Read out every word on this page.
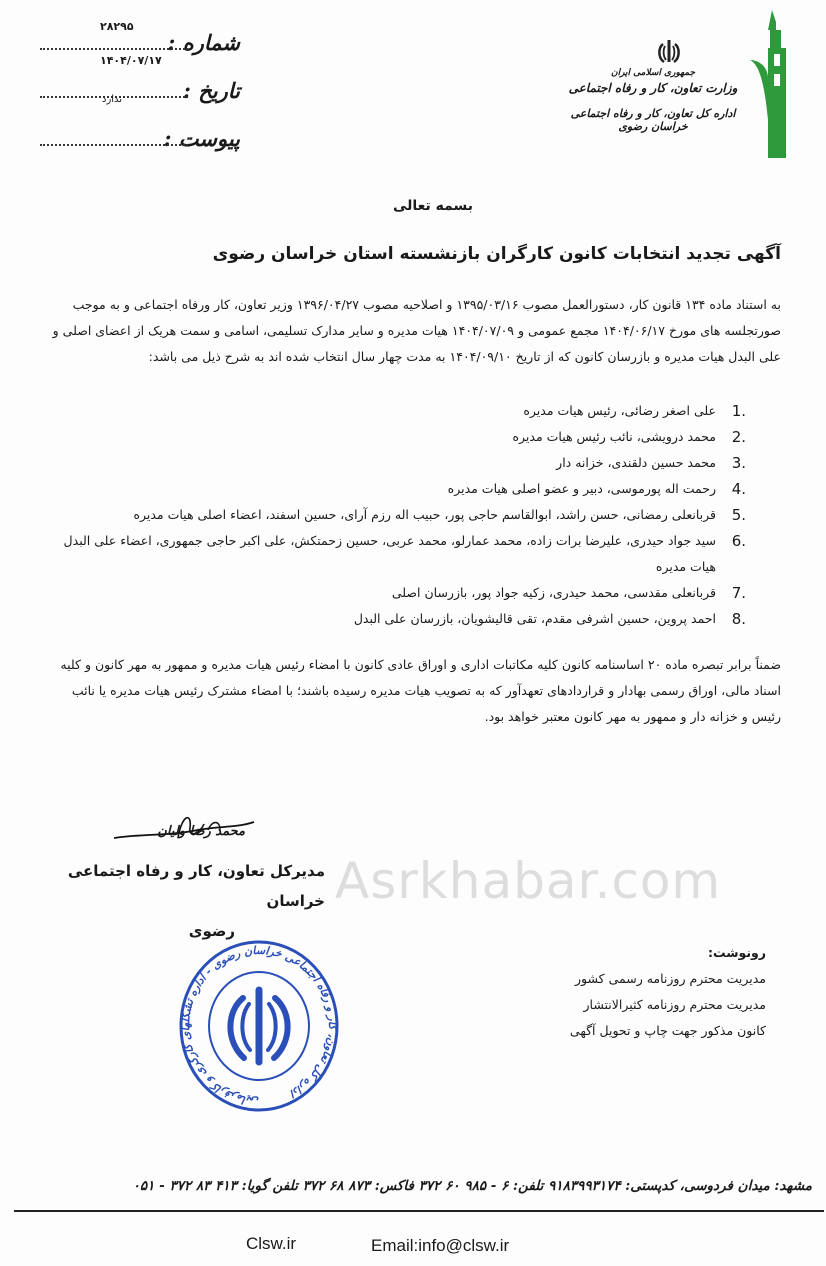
شماره :
۲۸۲۹۵
تاریخ :
۱۴۰۴/۰۷/۱۷
ندارد
پیوست :
جمهوری اسلامی ایران
وزارت تعاون، کار و رفاه اجتماعی
اداره کل تعاون، کار و رفاه اجتماعی خراسان رضوی
بسمه تعالی
آگهی تجدید انتخابات کانون کارگران بازنشسته استان خراسان رضوی
به استناد ماده ۱۳۴ قانون کار، دستورالعمل مصوب ۱۳۹۵/۰۳/۱۶ و اصلاحیه مصوب ۱۳۹۶/۰۴/۲۷ وزیر تعاون، کار ورفاه اجتماعی و به موجب صورتجلسه های مورخ ۱۴۰۴/۰۶/۱۷ مجمع عمومی و ۱۴۰۴/۰۷/۰۹ هیات مدیره و سایر مدارک تسلیمی، اسامی و سمت هریک از اعضای اصلی و علی البدل هیات مدیره و بازرسان کانون که از تاریخ ۱۴۰۴/۰۹/۱۰ به مدت چهار سال انتخاب شده اند به شرح ذیل می باشد:
1.
علی اصغر رضائی، رئیس هیات مدیره
2.
محمد درویشی، نائب رئیس هیات مدیره
3.
محمد حسین دلقندی، خزانه دار
4.
رحمت اله پورموسی، دبیر و عضو اصلی هیات مدیره
5.
قربانعلی رمضانی، حسن راشد، ابوالقاسم حاجی پور، حبیب اله رزم آرای، حسین اسفند، اعضاء اصلی هیات مدیره
6.
سید جواد حیدری، علیرضا برات زاده، محمد عمارلو، محمد عربی، حسین زحمتکش، علی اکبر حاجی جمهوری، اعضاء علی البدل هیات مدیره
7.
قربانعلی مقدسی، محمد حیدری، زکیه جواد پور، بازرسان اصلی
8.
احمد پروین، حسین اشرفی مقدم، تقی قالیشویان، بازرسان علی البدل
ضمناً برابر تبصره ماده ۲۰ اساسنامه کانون کلیه مکاتبات اداری و اوراق عادی کانون با امضاء رئیس هیات مدیره و ممهور به مهر کانون و کلیه اسناد مالی، اوراق رسمی بهادار و قراردادهای تعهدآور که به تصویب هیات مدیره رسیده باشند؛ با امضاء مشترک رئیس هیات مدیره یا نائب رئیس و خزانه دار و ممهور به مهر کانون معتبر خواهد بود.
محمد رضا ولیان
مدیرکل تعاون، کار و رفاه اجتماعی خراسان
رضوی
Asrkhabar.com
اداره کل تعاون، کار و رفاه اجتماعی خراسان رضوی - اداره تشکلهای کارگری و کارفرمایی
رونوشت:
مدیریت محترم روزنامه رسمی کشور
مدیریت محترم روزنامه کثیرالانتشار
کانون مذکور جهت چاپ و تحویل آگهی
مشهد: میدان فردوسی، کدپستی: ۹۱۸۳۹۹۳۱۷۴ تلفن: ۶ - ۹۸۵ ۶۰ ۳۷۲ فاکس: ۸۷۳ ۶۸ ۳۷۲ تلفن گویا: ۴۱۳ ۸۳ ۳۷۲ - ۰۵۱
Clsw.ir	Email:info@clsw.ir
